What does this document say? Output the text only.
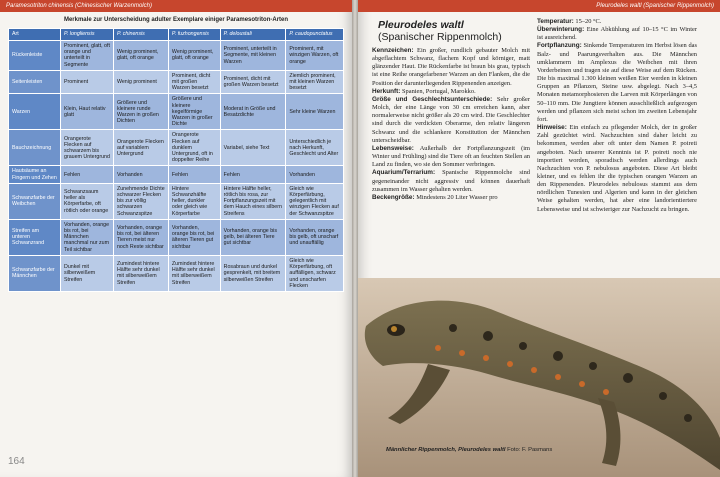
Paramesotriton chinensis (Chinesischer Warzenmolch)
Merkmale zur Unterscheidung adulter Exemplare einiger Paramesotriton-Arten
Art	P. longliensis	P. chinensis	P. fuzhongensis	P. deloustali	P. caudopunctatus
Rückenleiste	Prominent, glatt, oft orange und unterteilt in Segmente	Wenig prominent, glatt, oft orange	Wenig prominent, glatt, oft orange	Prominent, unterteilt in Segmente, mit kleinen Warzen	Prominent, mit winzigen Warzen, oft orange
Seitenleisten	Prominent	Wenig prominent	Prominent, dicht mit großen Warzen besetzt	Prominent, dicht mit großen Warzen besetzt	Ziemlich prominent, mit kleinen Warzen besetzt
Warzen	Klein, Haut relativ glatt	Größere und kleinere runde Warzen in großen Dichten	Größere und kleinere kegelförmige Warzen in großer Dichte	Moderat in Größe und Besatzdichte	Sehr kleine Warzen
Bauchzeichnung	Orangerote Flecken auf schwarzem bis grauem Untergrund	Orangerote Flecken auf variablem Untergrund	Orangerote Flecken auf dunklem Untergrund, oft in doppelter Reihe	Variabel, siehe Text	Unterschiedlich je nach Herkunft, Geschlecht und Alter
Hautsäume an Fingern und Zehen	Fehlen	Vorhanden	Fehlen	Fehlen	Vorhanden
Schwanzfarbe der Weibchen	Schwanzsaum heller als Körperfarbe, oft rötlich oder orange	Zunehmende Dichte schwarzer Flecken bis zur völlig schwarzen Schwanzspitze	Hintere Schwanzhälfte heller, dunkler oder gleich wie Körperfarbe	Hintere Hälfte heller, rötlich bis rosa, zur Fortpflanzungszeit mit dem Hauch eines silbern Streifens	Gleich wie Körperfärbung, gelegentlich mit winzigen Flecken auf der Schwanzspitze
Streifen am unteren Schwanzrand	Vorhanden, orange bis rot, bei Männchen manchmal nur zum Teil sichtbar	Vorhanden, orange bis rot, bei älteren Tieren meist nur noch Reste sichtbar	Vorhanden, orange bis rot, bei älteren Tieren gut sichtbar	Vorhanden, orange bis gelb, bei älteren Tiere gut sichtbar	Vorhanden, orange bis gelb, oft unscharf und unauffällig
Schwanzfarbe der Männchen	Dunkel mit silberweißem Streifen	Zumindest hintere Hälfte sehr dunkel mit silberweißem Streifen	Zumindest hintere Hälfte sehr dunkel mit silberweißem Streifen	Rosabraun und dunkel gesprenkelt, mit breitem silberweißen Streifen	Gleich wie Körperfärbung, oft auffälligen, schwarz und unscharfen Flecken
164
Pleurodeles waltl (Spanischer Rippenmolch)
Pleurodeles waltl
(Spanischer Rippenmolch)

Kennzeichen: Ein großer, rundlich gebauter Molch mit abgeflachtem Schwanz, flachem Kopf und körniger, matt glänzender Haut. Die Rückenfarbe ist braun bis grau, typisch ist eine Reihe orangefarbener Warzen an den Flanken, die die Position der darunterliegenden Rippenenden anzeigen.

Herkunft: Spanien, Portugal, Marokko.

Größe und Geschlechtsunterschiede: Sehr großer Molch, der eine Länge von 30 cm erreichen kann, aber normalerweise nicht größer als 20 cm wird. Die Geschlechter sind durch die verdickten Oberarme, den relativ längeren Schwanz und die schlankere Konstitution der Männchen unterscheidbar.

Lebensweise: Außerhalb der Fortpflanzungszeit (im Winter und Frühling) sind die Tiere oft an feuchten Stellen an Land zu finden, wo sie den Sommer verbringen.

Aquarium/Terrarium: Spanische Rippenmolche sind gegeneinander nicht aggressiv und können dauerhaft zusammen im Wasser gehalten werden.

Beckengröße: Mindestens 20 Liter Wasser pro

Temperatur: 15–20 °C.

Überwinterung: Eine Abkühlung auf 10–15 °C im Winter ist ausreichend.

Fortpflanzung: Sinkende Temperaturen im Herbst lösen das Balz- und Paarungsverhalten aus. Die Männchen umklammern im Amplexus die Weibchen mit ihren Vorderbeinen und tragen sie auf diese Weise auf dem Rücken. Die bis maximal 1.300 kleinen weißen Eier werden in kleinen Gruppen an Pflanzen, Steine usw. abgelegt. Nach 3–4,5 Monaten metamorphosieren die Larven mit Körperlängen von 50–110 mm. Die Jungtiere können ausschließlich aufgezogen werden und pflanzen sich meist schon im zweiten Lebensjahr fort.

Hinweise: Ein einfach zu pflegender Molch, der in großer Zahl gezüchtet wird. Nachzuchten sind daher leicht zu bekommen, werden aber oft unter dem Namen P. poireti angeboten. Nach unserer Kenntnis ist P. poireti noch nie importiert worden, sporadisch werden allerdings auch Nachzuchten von P. nebulosus angeboten. Diese Art bleibt kleiner, und es fehlen ihr die typischen orangen Warzen an den Rippenenden. Pleurodeles nebulosus stammt aus dem nördlichen Tunesien und Algerien und kann in der gleichen Weise gehalten werden, hat aber eine landorientiertere Lebensweise und ist schwieriger zur Nachzucht zu bringen.

Männlicher Rippenmolch, Pleurodeles waltl Foto: F. Pasmans
